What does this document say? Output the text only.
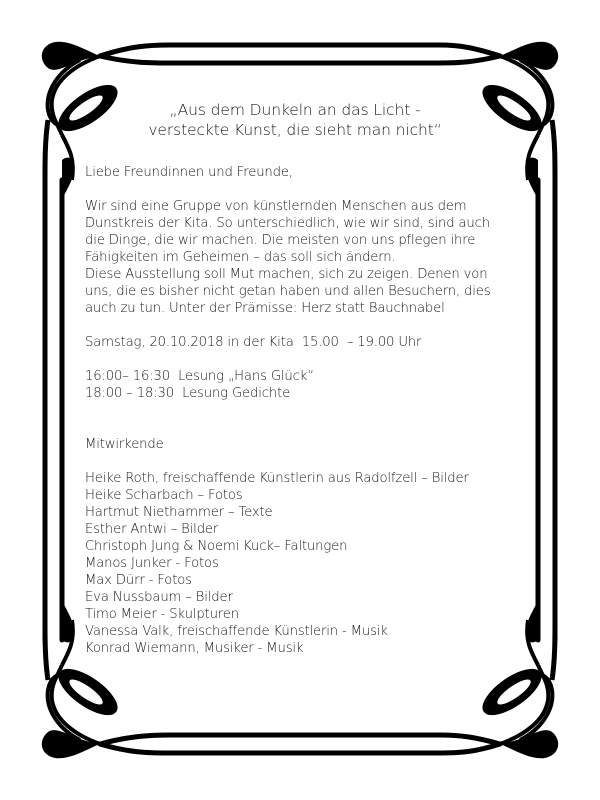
„Aus dem Dunkeln an das Licht -
versteckte Kunst, die sieht man nicht“

Liebe Freundinnen und Freunde,

Wir sind eine Gruppe von künstlernden Menschen aus dem
Dunstkreis der Kita. So unterschiedlich, wie wir sind, sind auch
die Dinge, die wir machen. Die meisten von uns pflegen ihre
Fähigkeiten im Geheimen – das soll sich ändern.
Diese Ausstellung soll Mut machen, sich zu zeigen. Denen von
uns, die es bisher nicht getan haben und allen Besuchern, dies
auch zu tun. Unter der Prämisse: Herz statt Bauchnabel

Samstag, 20.10.2018 in der Kita  15.00  – 19.00 Uhr

16:00– 16:30  Lesung „Hans Glück“
18:00 – 18:30  Lesung Gedichte

Mitwirkende

Heike Roth, freischaffende Künstlerin aus Radolfzell – Bilder
Heike Scharbach – Fotos
Hartmut Niethammer – Texte
Esther Antwi – Bilder
Christoph Jung & Noemi Kuck– Faltungen
Manos Junker - Fotos
Max Dürr - Fotos
Eva Nussbaum – Bilder
Timo Meier - Skulpturen
Vanessa Valk, freischaffende Künstlerin - Musik
Konrad Wiemann, Musiker - Musik
